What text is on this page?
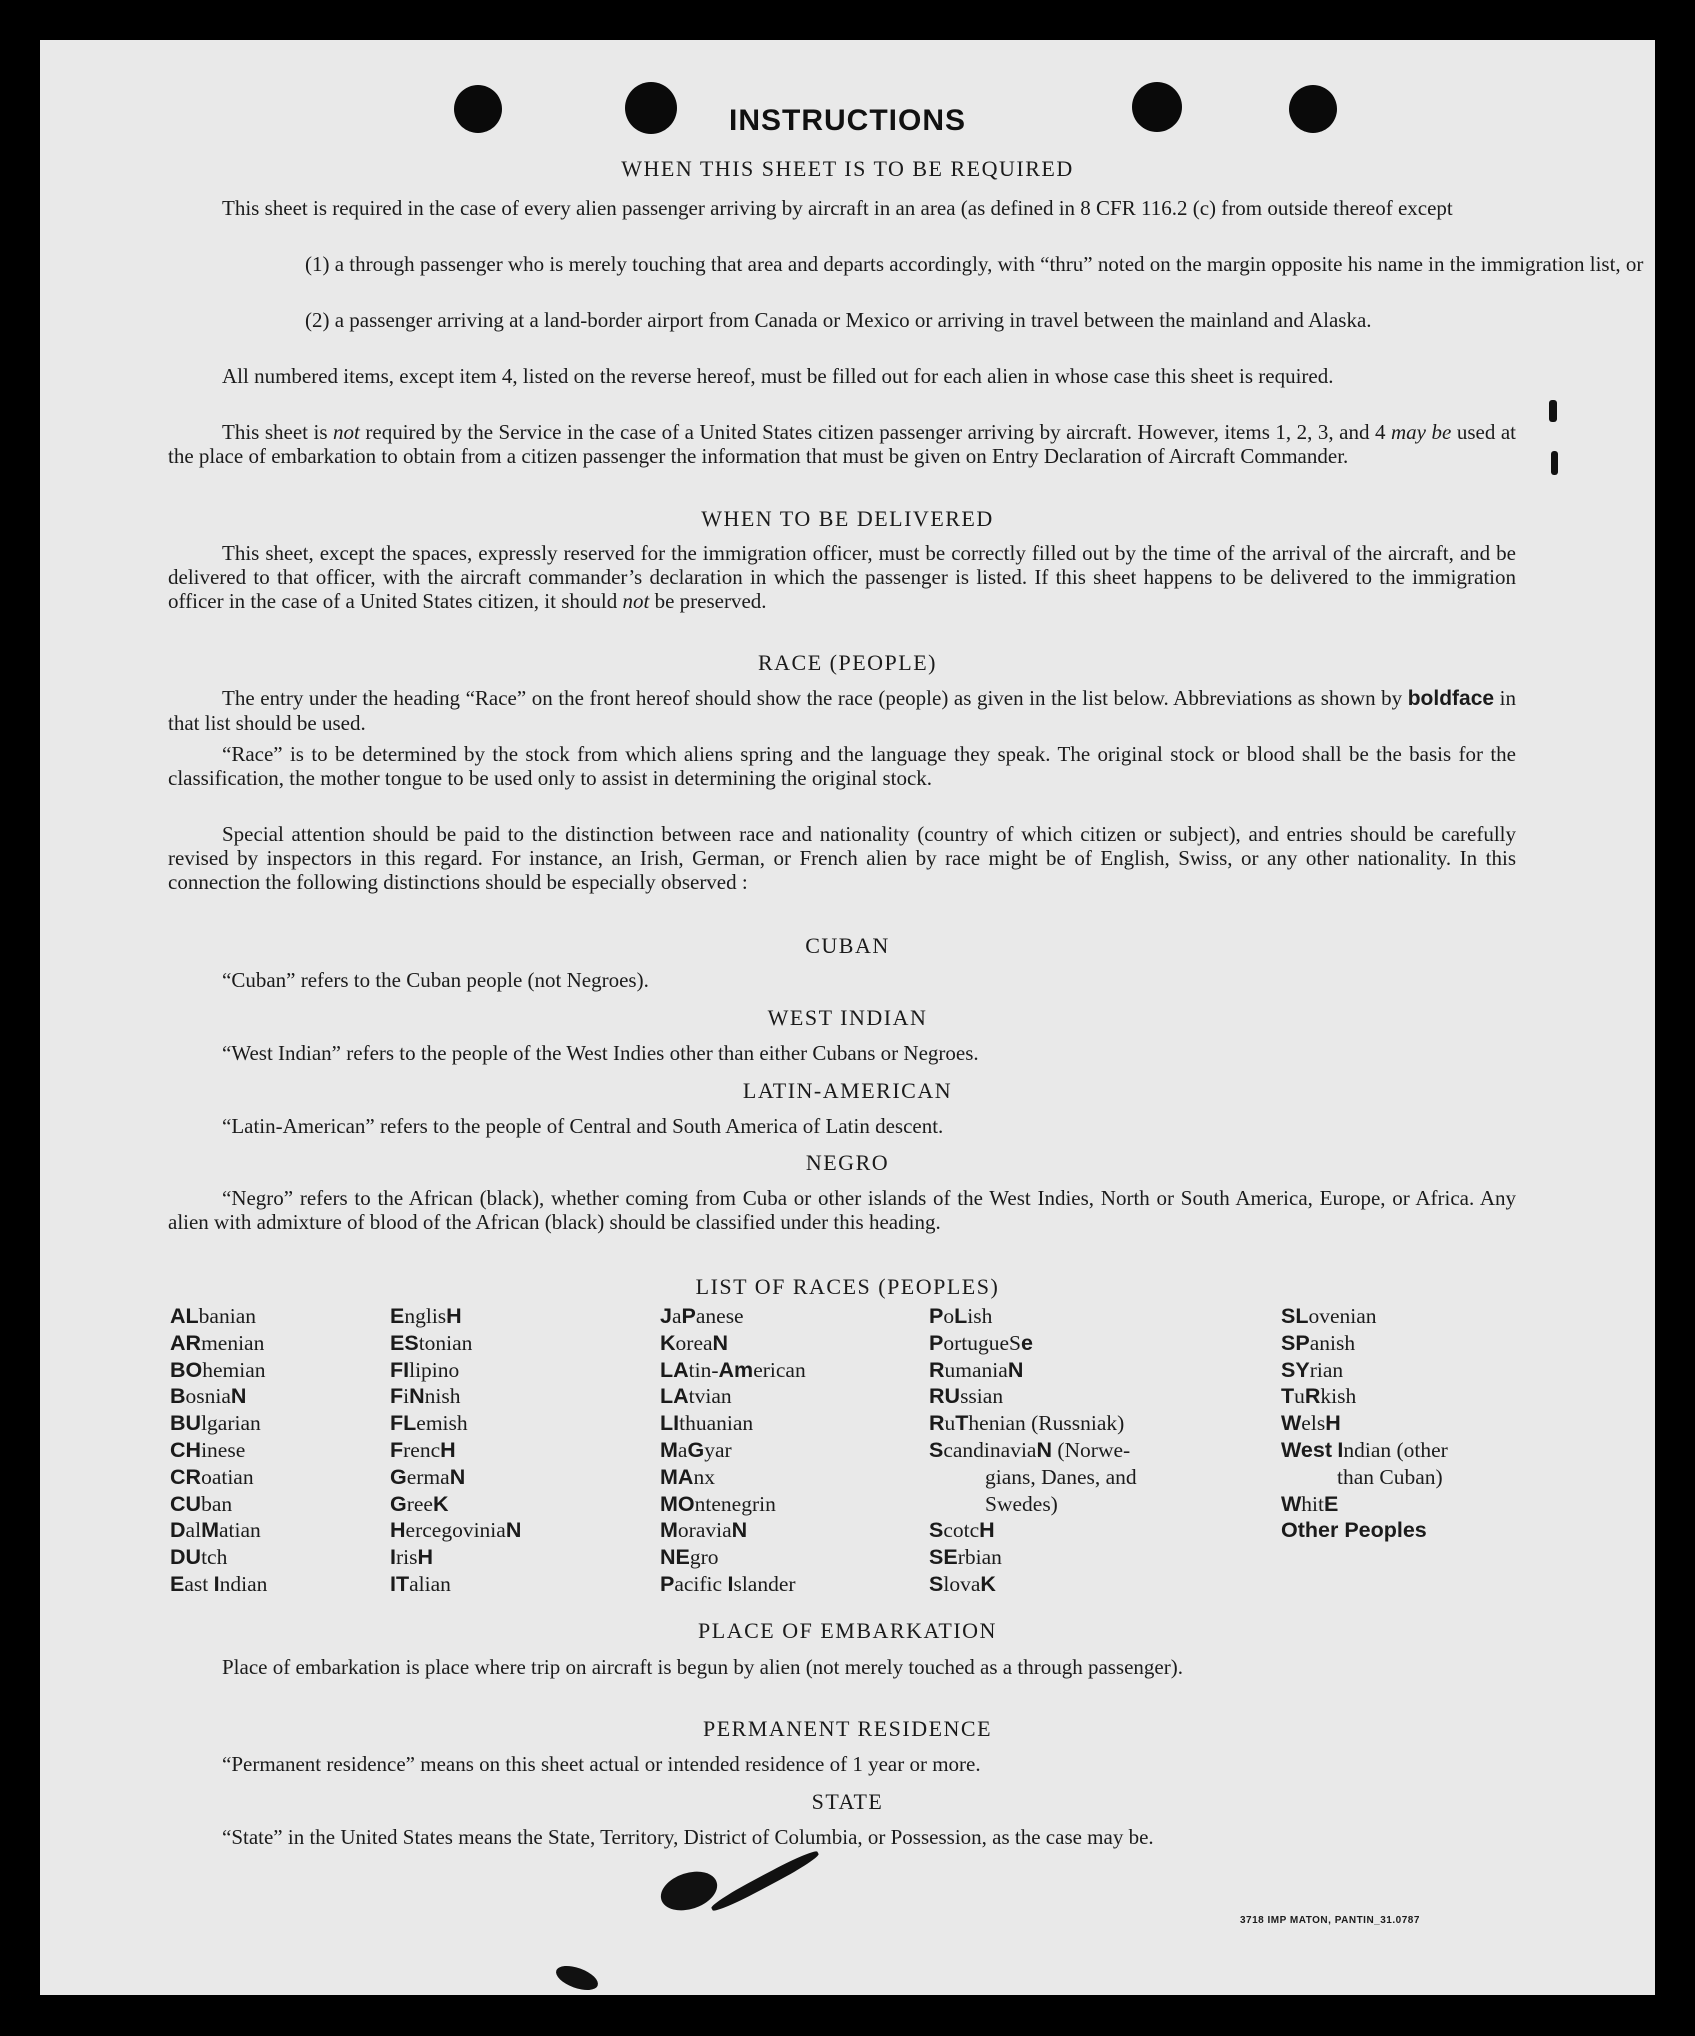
INSTRUCTIONS
WHEN THIS SHEET IS TO BE REQUIRED
This sheet is required in the case of every alien passenger arriving by aircraft in an area (as defined in 8 CFR 116.2 (c) from outside thereof except
(1) a through passenger who is merely touching that area and departs accordingly, with “thru” noted on the margin opposite his name in the immigration list, or
(2) a passenger arriving at a land-border airport from Canada or Mexico or arriving in travel between the mainland and Alaska.
All numbered items, except item 4, listed on the reverse hereof, must be filled out for each alien in whose case this sheet is required.
This sheet is not required by the Service in the case of a United States citizen passenger arriving by aircraft. However, items 1, 2, 3, and 4 may be used at the place of embarkation to obtain from a citizen passenger the information that must be given on Entry Declaration of Aircraft Commander.
WHEN TO BE DELIVERED
This sheet, except the spaces, expressly reserved for the immigration officer, must be correctly filled out by the time of the arrival of the aircraft, and be delivered to that officer, with the aircraft commander’s declaration in which the passenger is listed. If this sheet happens to be delivered to the immigration officer in the case of a United States citizen, it should not be preserved.
RACE (PEOPLE)
The entry under the heading “Race” on the front hereof should show the race (people) as given in the list below. Abbreviations as shown by boldface in that list should be used.
“Race” is to be determined by the stock from which aliens spring and the language they speak. The original stock or blood shall be the basis for the classification, the mother tongue to be used only to assist in determining the original stock.
Special attention should be paid to the distinction between race and nationality (country of which citizen or subject), and entries should be carefully revised by inspectors in this regard. For instance, an Irish, German, or French alien by race might be of English, Swiss, or any other nationality. In this connection the following distinctions should be especially observed :
CUBAN
“Cuban” refers to the Cuban people (not Negroes).
WEST INDIAN
“West Indian” refers to the people of the West Indies other than either Cubans or Negroes.
LATIN-AMERICAN
“Latin-American” refers to the people of Central and South America of Latin descent.
NEGRO
“Negro” refers to the African (black), whether coming from Cuba or other islands of the West Indies, North or South America, Europe, or Africa. Any alien with admixture of blood of the African (black) should be classified under this heading.
LIST OF RACES (PEOPLES)
ALbanian
ARmenian
BOhemian
BosniaN
BUlgarian
CHinese
CRoatian
CUban
DalMatian
DUtch
East Indian
EnglisH
EStonian
FIlipino
FiNnish
FLemish
FrencH
GermaN
GreeK
HercegoviniaN
IrisH
ITalian
JaPanese
KoreaN
LAtin-American
LAtvian
LIthuanian
MaGyar
MAnx
MOntenegrin
MoraviaN
NEgro
Pacific Islander
PoLish
PortugueSe
RumaniaN
RUssian
RuThenian (Russniak)
ScandinaviaN (Norwe-
gians, Danes, and
Swedes)
ScotcH
SErbian
SlovaK
SLovenian
SPanish
SYrian
TuRkish
WelsH
West Indian (other
than Cuban)
WhitE
Other Peoples
PLACE OF EMBARKATION
Place of embarkation is place where trip on aircraft is begun by alien (not merely touched as a through passenger).
PERMANENT RESIDENCE
“Permanent residence” means on this sheet actual or intended residence of 1 year or more.
STATE
“State” in the United States means the State, Territory, District of Columbia, or Possession, as the case may be.
3718 IMP MATON, PANTIN_31.0787
